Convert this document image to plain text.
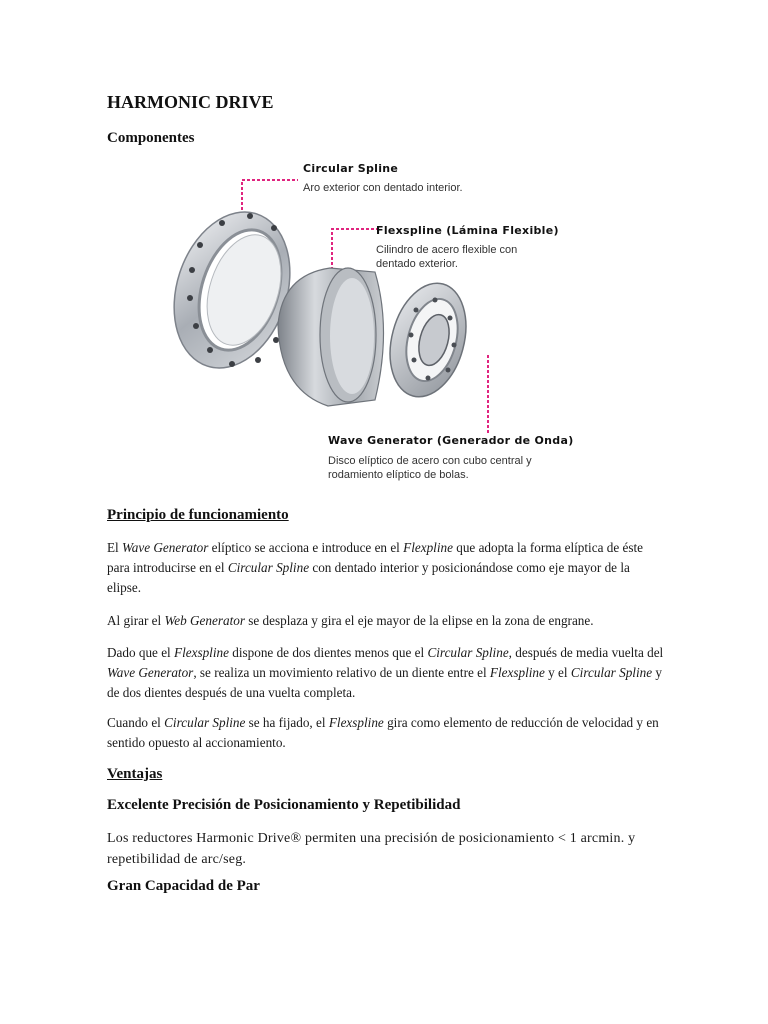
HARMONIC DRIVE
Componentes
Circular Spline
Aro exterior con dentado interior.
Flexspline (Lámina Flexible)
Cilindro de acero flexible con
dentado exterior.
Wave Generator (Generador de Onda)
Disco elíptico de acero con cubo central y
rodamiento elíptico de bolas.
Principio de funcionamiento
El Wave Generator elíptico se acciona e introduce en el Flexpline que adopta la forma elíptica de éste para introducirse en el Circular Spline con dentado interior y posicionándose como eje mayor de la elipse.
Al girar el Web Generator se desplaza y gira el eje mayor de la elipse en la zona de engrane.
Dado que el Flexspline dispone de dos dientes menos que el Circular Spline, después de media vuelta del Wave Generator, se realiza un movimiento relativo de un diente entre el Flexspline y el Circular Spline y de dos dientes después de una vuelta completa.
Cuando el Circular Spline se ha fijado, el Flexspline gira como elemento de reducción de velocidad y en sentido opuesto al accionamiento.
Ventajas
Excelente Precisión de Posicionamiento y Repetibilidad
Los reductores Harmonic Drive® permiten una precisión de posicionamiento < 1 arcmin. y repetibilidad de arc/seg.
Gran Capacidad de Par
